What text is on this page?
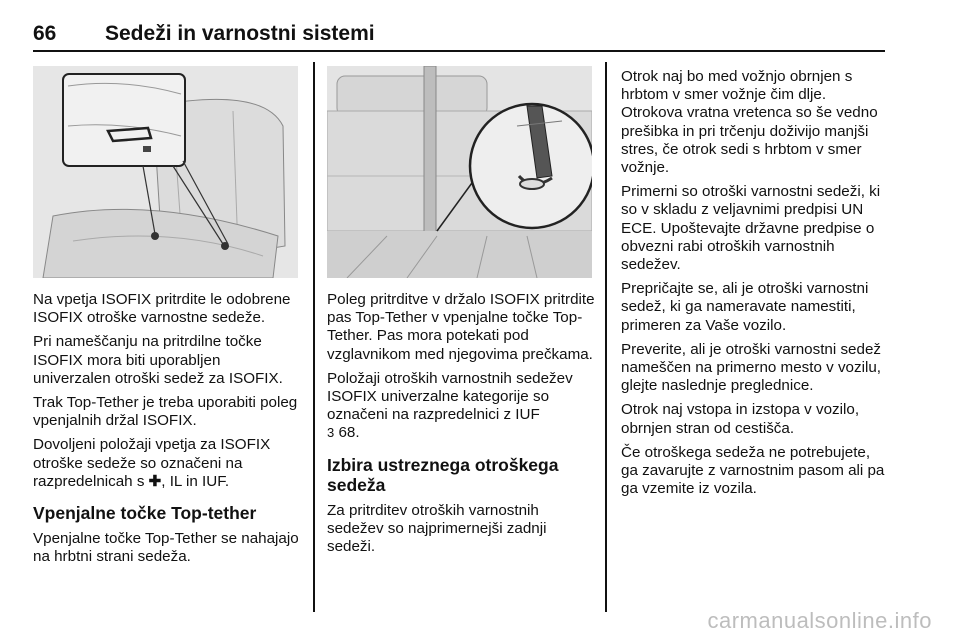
66 Sedeži in varnostni sistemi

Na vpetja ISOFIX pritrdite le odobrene ISOFIX otroške varnostne sedeže.

Pri nameščanju na pritrdilne točke ISOFIX mora biti uporabljen univerzalen otroški sedež za ISOFIX.

Trak Top-Tether je treba uporabiti poleg vpenjalnih držal ISOFIX.

Dovoljeni položaji vpetja za ISOFIX otroške sedeže so označeni na razpredelnicah s ✚, IL in IUF.

Vpenjalne točke Top-tether

Vpenjalne točke Top-Tether se nahajajo na hrbtni strani sedeža.

Poleg pritrditve v držalo ISOFIX pritrdite pas Top-Tether v vpenjalne točke Top-Tether. Pas mora potekati pod vzglavnikom med njegovima prečkama.

Položaji otroških varnostnih sedežev ISOFIX univerzalne kategorije so označeni na razpredelnici z IUF
3 68.

Izbira ustreznega otroškega sedeža

Za pritrditev otroških varnostnih sedežev so najprimernejši zadnji sedeži.

Otrok naj bo med vožnjo obrnjen s hrbtom v smer vožnje čim dlje. Otrokova vratna vretenca so še vedno prešibka in pri trčenju doživijo manjši stres, če otrok sedi s hrbtom v smer vožnje.

Primerni so otroški varnostni sedeži, ki so v skladu z veljavnimi predpisi UN ECE. Upoštevajte državne predpise o obvezni rabi otroških varnostnih sedežev.

Prepričajte se, ali je otroški varnostni sedež, ki ga nameravate namestiti, primeren za Vaše vozilo.

Preverite, ali je otroški varnostni sedež nameščen na primerno mesto v vozilu, glejte naslednje preglednice.

Otrok naj vstopa in izstopa v vozilo, obrnjen stran od cestišča.

Če otroškega sedeža ne potrebujete, ga zavarujte z varnostnim pasom ali pa ga vzemite iz vozila.

carmanualsonline.info
